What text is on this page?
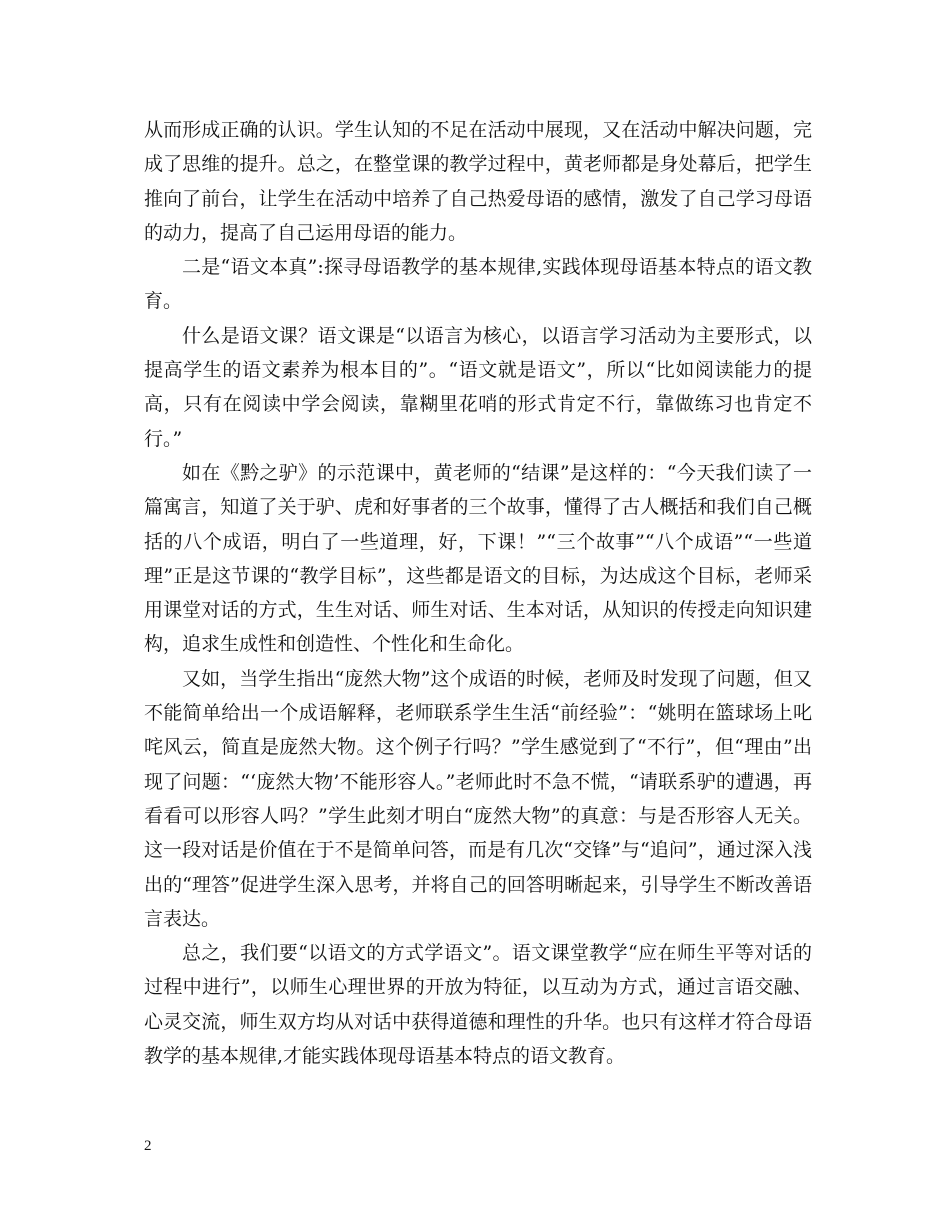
从而形成正确的认识。学生认知的不足在活动中展现，又在活动中解决问题，完成了思维的提升。总之，在整堂课的教学过程中，黄老师都是身处幕后，把学生推向了前台，让学生在活动中培养了自己热爱母语的感情，激发了自己学习母语的动力，提高了自己运用母语的能力。

二是“语文本真”:探寻母语教学的基本规律,实践体现母语基本特点的语文教育。

什么是语文课？语文课是“以语言为核心，以语言学习活动为主要形式，以提高学生的语文素养为根本目的”。“语文就是语文”，所以“比如阅读能力的提高，只有在阅读中学会阅读，靠糊里花哨的形式肯定不行，靠做练习也肯定不行。”

如在《黔之驴》的示范课中，黄老师的“结课”是这样的：“今天我们读了一篇寓言，知道了关于驴、虎和好事者的三个故事，懂得了古人概括和我们自己概括的八个成语，明白了一些道理，好，下课！”“三个故事”“八个成语”“一些道理”正是这节课的“教学目标”，这些都是语文的目标，为达成这个目标，老师采用课堂对话的方式，生生对话、师生对话、生本对话，从知识的传授走向知识建构，追求生成性和创造性、个性化和生命化。

又如，当学生指出“庞然大物”这个成语的时候，老师及时发现了问题，但又不能简单给出一个成语解释，老师联系学生生活“前经验”：“姚明在篮球场上叱咤风云，简直是庞然大物。这个例子行吗？”学生感觉到了“不行”，但“理由”出现了问题：“‘庞然大物’不能形容人。”老师此时不急不慌，“请联系驴的遭遇，再看看可以形容人吗？”学生此刻才明白“庞然大物”的真意：与是否形容人无关。这一段对话是价值在于不是简单问答，而是有几次“交锋”与“追问”，通过深入浅出的“理答”促进学生深入思考，并将自己的回答明晰起来，引导学生不断改善语言表达。

总之，我们要“以语文的方式学语文”。语文课堂教学“应在师生平等对话的过程中进行”，以师生心理世界的开放为特征，以互动为方式，通过言语交融、心灵交流，师生双方均从对话中获得道德和理性的升华。也只有这样才符合母语教学的基本规律,才能实践体现母语基本特点的语文教育。

2
